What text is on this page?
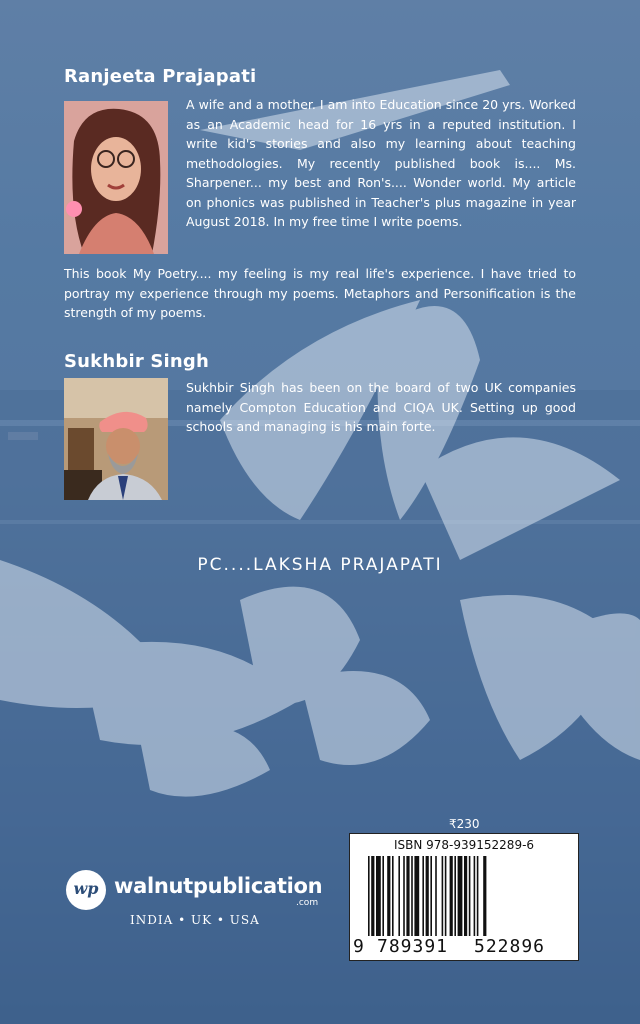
Ranjeeta Prajapati

A wife and a mother. I am into Education since 20 yrs. Worked as an Academic head for 16 yrs in a reputed institution. I write kid's stories and also my learning about teaching methodologies. My recently published book is.... Ms. Sharpener... my best and Ron's.... Wonder world. My article on phonics was published in Teacher's plus magazine in year August 2018. In my free time I write poems.

This book My Poetry.... my feeling is my real life's experience. I have tried to portray my experience through my poems. Metaphors and Personification is the strength of my poems.

Sukhbir Singh

Sukhbir Singh has been on the board of two UK companies namely Compton Education and CIQA UK. Setting up good schools and managing is his main forte.

PC....LAKSHA PRAJAPATI
wp walnutpublication
.com
INDIA • UK • USA
₹230
ISBN 978-939152289-6
9 789391 522896
